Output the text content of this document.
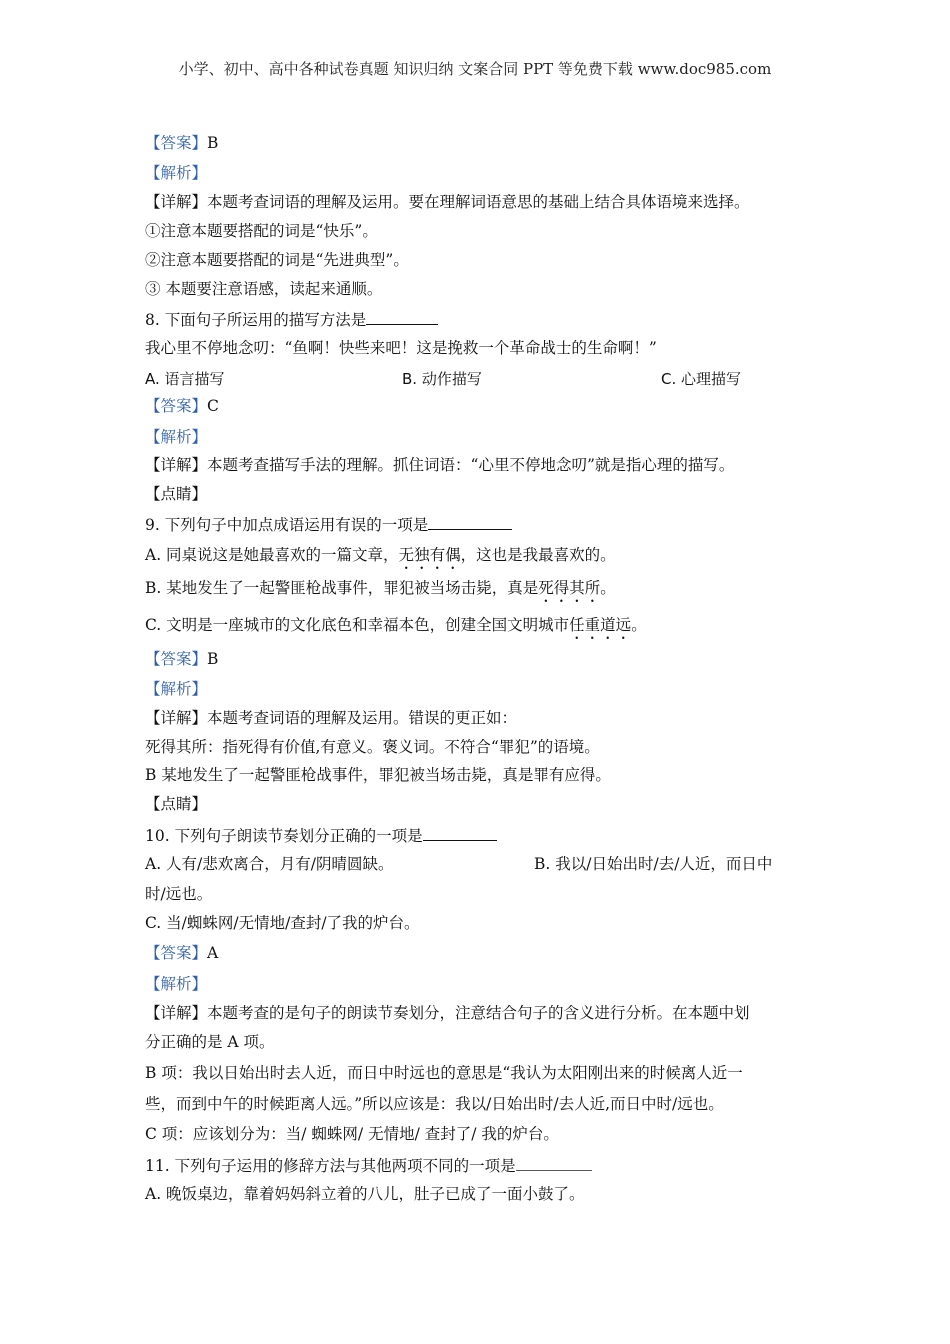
小学、初中、高中各种试卷真题 知识归纳 文案合同 PPT 等免费下载 www.doc985.com
【答案】B
【解析】
【详解】本题考查词语的理解及运用。要在理解词语意思的基础上结合具体语境来选择。
①注意本题要搭配的词是“快乐”。
②注意本题要搭配的词是“先进典型”。
③ 本题要注意语感，读起来通顺。
8. 下面句子所运用的描写方法是
我心里不停地念叨：“鱼啊！快些来吧！这是挽救一个革命战士的生命啊！”
A. 语言描写	B. 动作描写	C. 心理描写
【答案】C
【解析】
【详解】本题考查描写手法的理解。抓住词语：“心里不停地念叨”就是指心理的描写。
【点睛】
9. 下列句子中加点成语运用有误的一项是
A. 同桌说这是她最喜欢的一篇文章，无独有偶，这也是我最喜欢的。
B. 某地发生了一起警匪枪战事件，罪犯被当场击毙，真是死得其所。
C. 文明是一座城市的文化底色和幸福本色，创建全国文明城市任重道远。
【答案】B
【解析】
【详解】本题考查词语的理解及运用。错误的更正如：
死得其所：指死得有价值,有意义。褒义词。不符合“罪犯”的语境。
B 某地发生了一起警匪枪战事件，罪犯被当场击毙，真是罪有应得。
【点睛】
10. 下列句子朗读节奏划分正确的一项是
A. 人有/悲欢离合，月有/阴晴圆缺。	B. 我以/日始出时/去/人近，而日中
时/远也。
C. 当/蜘蛛网/无情地/查封/了我的炉台。
【答案】A
【解析】
【详解】本题考查的是句子的朗读节奏划分，注意结合句子的含义进行分析。在本题中划
分正确的是 A 项。
B 项：我以日始出时去人近，而日中时远也的意思是“我认为太阳刚出来的时候离人近一
些，而到中午的时候距离人远。”所以应该是：我以/日始出时/去人近,而日中时/远也。
C 项：应该划分为：当/ 蜘蛛网/ 无情地/ 查封了/ 我的炉台。
11. 下列句子运用的修辞方法与其他两项不同的一项是
A. 晚饭桌边，靠着妈妈斜立着的八儿，肚子已成了一面小鼓了。
